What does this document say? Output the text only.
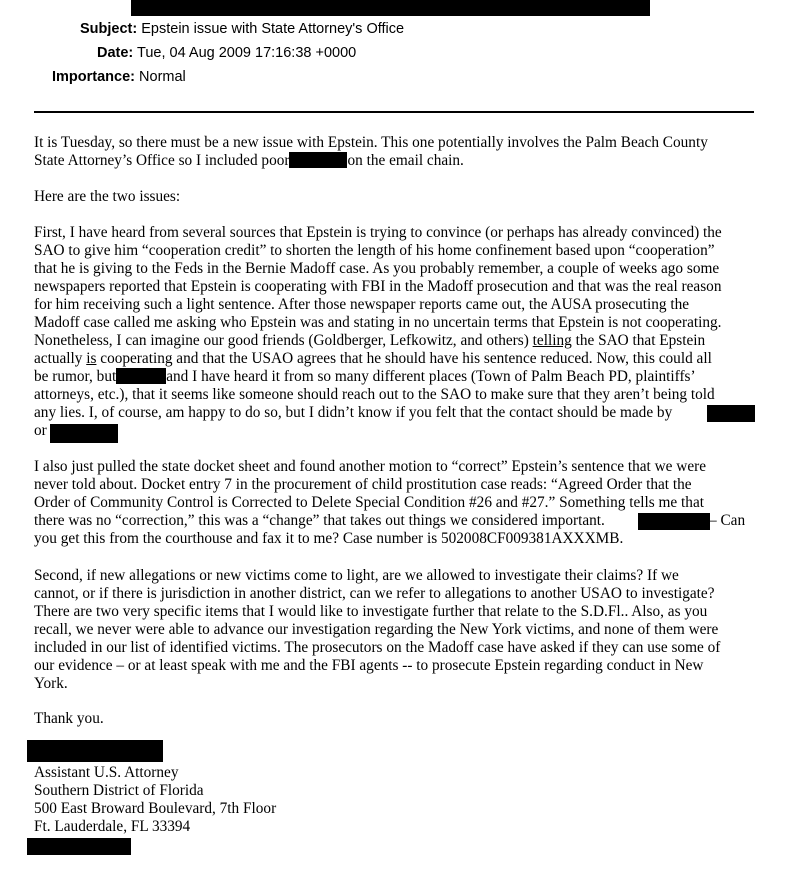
Subject: Epstein issue with State Attorney's Office
Date: Tue, 04 Aug 2009 17:16:38 +0000
Importance: Normal
It is Tuesday, so there must be a new issue with Epstein. This one potentially involves the Palm Beach County
State Attorney’s Office so I included poor	on the email chain.
Here are the two issues:
First, I have heard from several sources that Epstein is trying to convince (or perhaps has already convinced) the
SAO to give him “cooperation credit” to shorten the length of his home confinement based upon “cooperation”
that he is giving to the Feds in the Bernie Madoff case. As you probably remember, a couple of weeks ago some
newspapers reported that Epstein is cooperating with FBI in the Madoff prosecution and that was the real reason
for him receiving such a light sentence. After those newspaper reports came out, the AUSA prosecuting the
Madoff case called me asking who Epstein was and stating in no uncertain terms that Epstein is not cooperating.
Nonetheless, I can imagine our good friends (Goldberger, Lefkowitz, and others) telling the SAO that Epstein
actually is cooperating and that the USAO agrees that he should have his sentence reduced. Now, this could all
be rumor, but	and I have heard it from so many different places (Town of Palm Beach PD, plaintiffs’
attorneys, etc.), that it seems like someone should reach out to the SAO to make sure that they aren’t being told
any lies. I, of course, am happy to do so, but I didn’t know if you felt that the contact should be made by
or
I also just pulled the state docket sheet and found another motion to “correct” Epstein’s sentence that we were
never told about. Docket entry 7 in the procurement of child prostitution case reads: “Agreed Order that the
Order of Community Control is Corrected to Delete Special Condition #26 and #27.” Something tells me that
there was no “correction,” this was a “change” that takes out things we considered important.
you get this from the courthouse and fax it to me? Case number is 502008CF009381AXXXMB.
– Can
Second, if new allegations or new victims come to light, are we allowed to investigate their claims? If we
cannot, or if there is jurisdiction in another district, can we refer to allegations to another USAO to investigate?
There are two very specific items that I would like to investigate further that relate to the S.D.Fl.. Also, as you
recall, we never were able to advance our investigation regarding the New York victims, and none of them were
included in our list of identified victims. The prosecutors on the Madoff case have asked if they can use some of
our evidence – or at least speak with me and the FBI agents -- to prosecute Epstein regarding conduct in New
York.
Thank you.
Assistant U.S. Attorney
Southern District of Florida
500 East Broward Boulevard, 7th Floor
Ft. Lauderdale, FL 33394
